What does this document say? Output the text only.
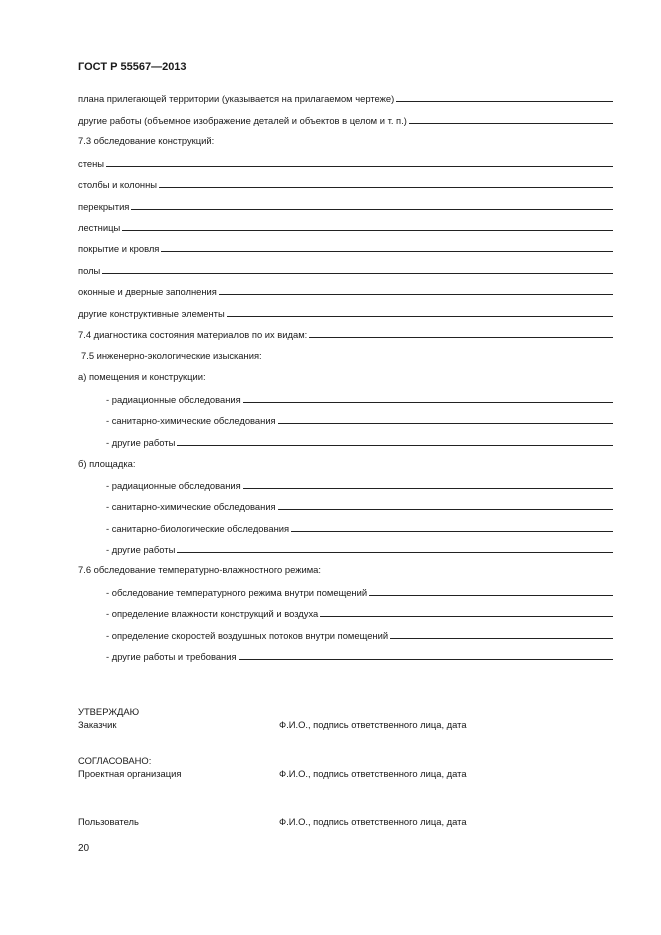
ГОСТ Р 55567—2013
плана прилегающей территории (указывается на прилагаемом чертеже)
другие работы (объемное изображение деталей и объектов в целом и т. п.)
7.3 обследование конструкций:
стены
столбы и колонны
перекрытия
лестницы
покрытие и кровля
полы
оконные и дверные заполнения
другие конструктивные элементы
7.4 диагностика состояния материалов по их видам:
7.5 инженерно-экологические изыскания:
а) помещения и конструкции:
- радиационные обследования
- санитарно-химические обследования
- другие работы
б) площадка:
- радиационные обследования
- санитарно-химические обследования
- санитарно-биологические обследования
- другие работы
7.6 обследование температурно-влажностного режима:
- обследование температурного режима внутри помещений
- определение влажности конструкций и воздуха
- определение скоростей воздушных потоков внутри помещений
- другие работы и требования
УТВЕРЖДАЮ
Заказчик	Ф.И.О., подпись ответственного лица, дата
СОГЛАСОВАНО:
Проектная организация	Ф.И.О., подпись ответственного лица, дата
Пользователь	Ф.И.О., подпись ответственного лица, дата
20
